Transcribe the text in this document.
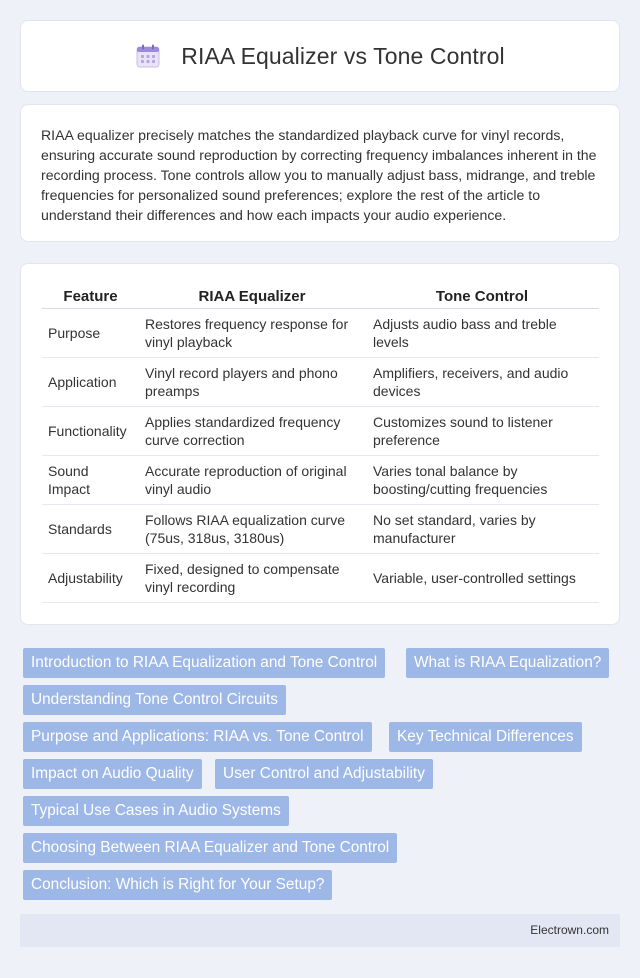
RIAA Equalizer vs Tone Control

RIAA equalizer precisely matches the standardized playback curve for vinyl records, ensuring accurate sound reproduction by correcting frequency imbalances inherent in the recording process. Tone controls allow you to manually adjust bass, midrange, and treble frequencies for personalized sound preferences; explore the rest of the article to understand their differences and how each impacts your audio experience.

Feature	RIAA Equalizer	Tone Control
Purpose	Restores frequency response for vinyl playback	Adjusts audio bass and treble levels
Application	Vinyl record players and phono preamps	Amplifiers, receivers, and audio devices
Functionality	Applies standardized frequency curve correction	Customizes sound to listener preference
Sound Impact	Accurate reproduction of original vinyl audio	Varies tonal balance by boosting/cutting frequencies
Standards	Follows RIAA equalization curve (75us, 318us, 3180us)	No set standard, varies by manufacturer
Adjustability	Fixed, designed to compensate vinyl recording	Variable, user-controlled settings
Introduction to RIAA Equalization and Tone Control	What is RIAA Equalization?
Understanding Tone Control Circuits
Purpose and Applications: RIAA vs. Tone Control	Key Technical Differences
Impact on Audio Quality	User Control and Adjustability
Typical Use Cases in Audio Systems
Choosing Between RIAA Equalizer and Tone Control
Conclusion: Which is Right for Your Setup?
Electrown.com
